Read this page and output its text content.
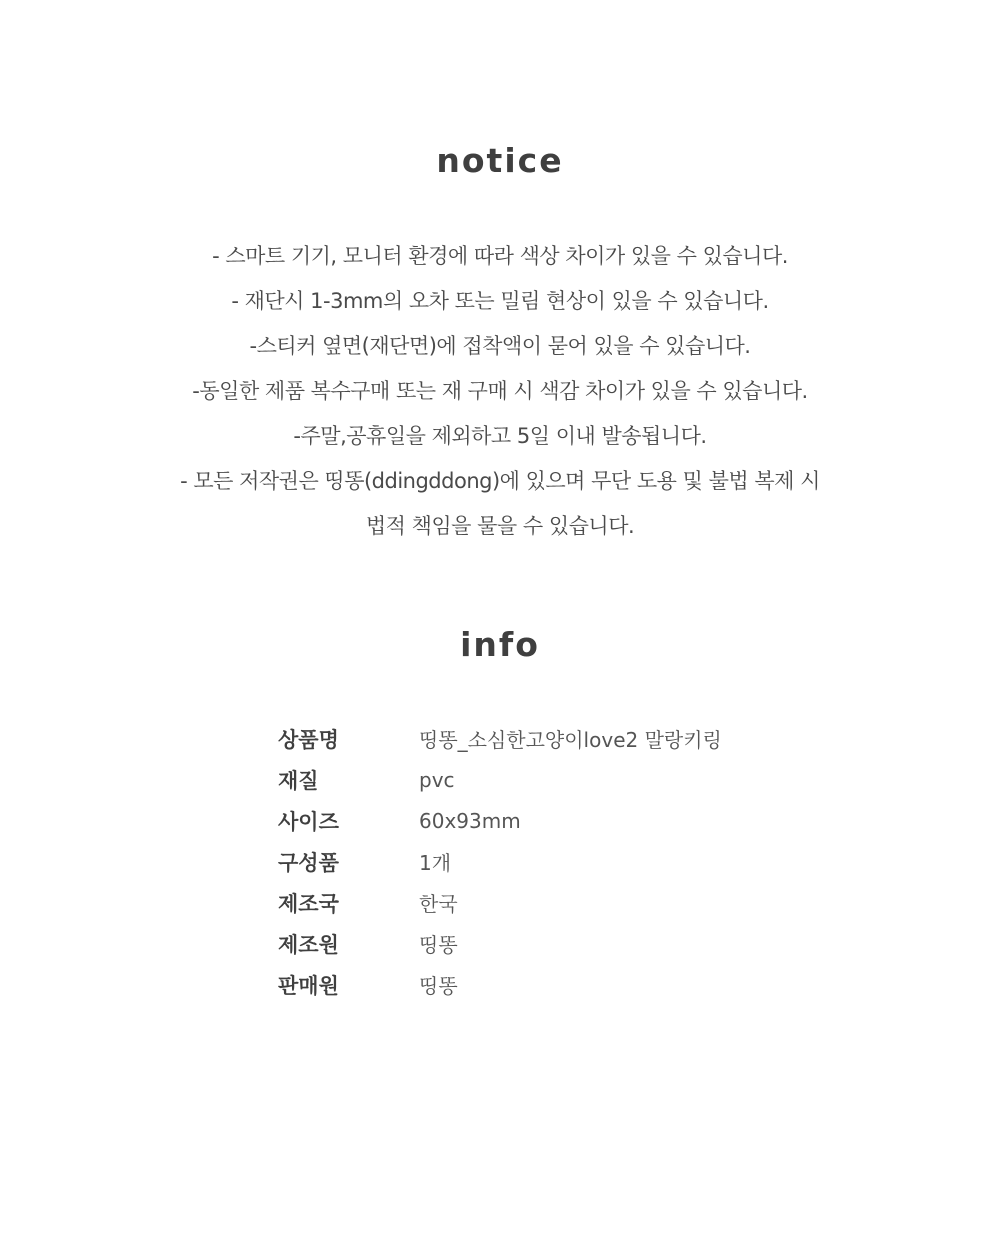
notice
- 스마트 기기, 모니터 환경에 따라 색상 차이가 있을 수 있습니다.
- 재단시 1-3mm의 오차 또는 밀림 현상이 있을 수 있습니다.
-스티커 옆면(재단면)에 접착액이 묻어 있을 수 있습니다.
-동일한 제품 복수구매 또는 재 구매 시 색감 차이가 있을 수 있습니다.
-주말,공휴일을 제외하고 5일 이내 발송됩니다.
- 모든 저작권은 띵똥(ddingddong)에 있으며 무단 도용 및 불법 복제 시
법적 책임을 물을 수 있습니다.
info
상품명	띵똥_소심한고양이love2 말랑키링
재질	pvc
사이즈	60x93mm
구성품	1개
제조국	한국
제조원	띵똥
판매원	띵똥
